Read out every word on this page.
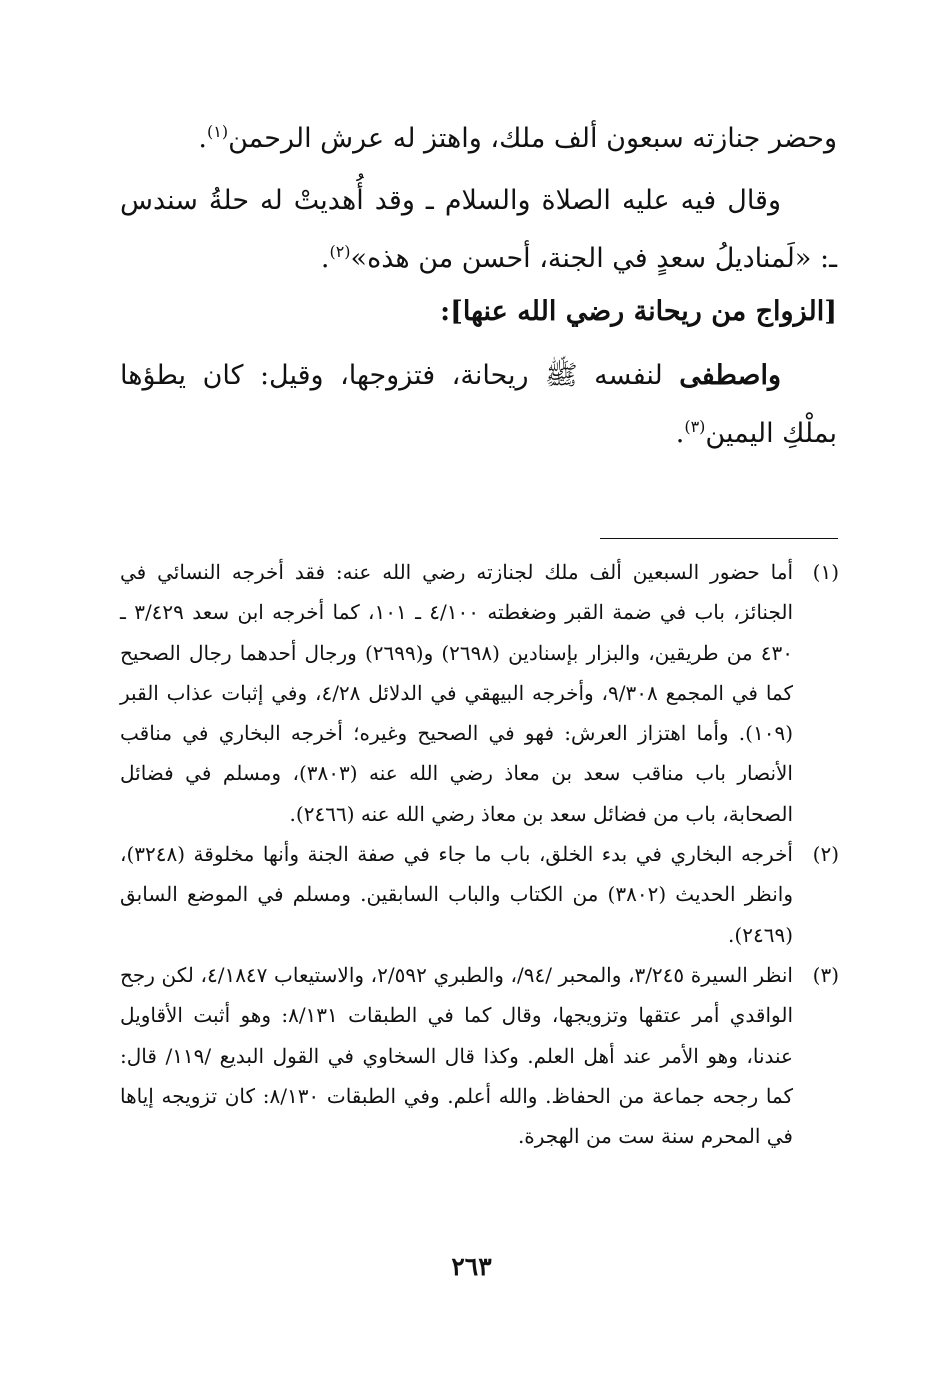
وحضر جنازته سبعون ألف ملك، واهتز له عرش الرحمن$^{(١)}$.
وقال فيه عليه الصلاة والسلام ـ وقد أُهديتْ له حلةُ سندس ـ: «لَمناديلُ سعدٍ في الجنة، أحسن من هذه»$^{(٢)}$.
[الزواج من ريحانة رضي الله عنها]:
واصطفى لنفسه ﷺ ريحانة، فتزوجها، وقيل: كان يطؤها بملْكِ اليمين$^{(٣)}$.
(١)
أما حضور السبعين ألف ملك لجنازته رضي الله عنه: فقد أخرجه النسائي في الجنائز، باب في ضمة القبر وضغطته ٤/١٠٠ ـ ١٠١، كما أخرجه ابن سعد ٣/٤٢٩ ـ ٤٣٠ من طريقين، والبزار بإسنادين (٢٦٩٨) و(٢٦٩٩) ورجال أحدهما رجال الصحيح كما في المجمع ٩/٣٠٨، وأخرجه البيهقي في الدلائل ٤/٢٨، وفي إثبات عذاب القبر (١٠٩). وأما اهتزاز العرش: فهو في الصحيح وغيره؛ أخرجه البخاري في مناقب الأنصار باب مناقب سعد بن معاذ رضي الله عنه (٣٨٠٣)، ومسلم في فضائل الصحابة، باب من فضائل سعد بن معاذ رضي الله عنه (٢٤٦٦).
(٢)
أخرجه البخاري في بدء الخلق، باب ما جاء في صفة الجنة وأنها مخلوقة (٣٢٤٨)، وانظر الحديث (٣٨٠٢) من الكتاب والباب السابقين. ومسلم في الموضع السابق (٢٤٦٩).
(٣)
انظر السيرة ٣/٢٤٥، والمحبر /٩٤/، والطبري ٢/٥٩٢، والاستيعاب ٤/١٨٤٧، لكن رجح الواقدي أمر عتقها وتزويجها، وقال كما في الطبقات ٨/١٣١: وهو أثبت الأقاويل عندنا، وهو الأمر عند أهل العلم. وكذا قال السخاوي في القول البديع /١١٩/ قال: كما رجحه جماعة من الحفاظ. والله أعلم. وفي الطبقات ٨/١٣٠: كان تزويجه إياها في المحرم سنة ست من الهجرة.
٢٦٣
